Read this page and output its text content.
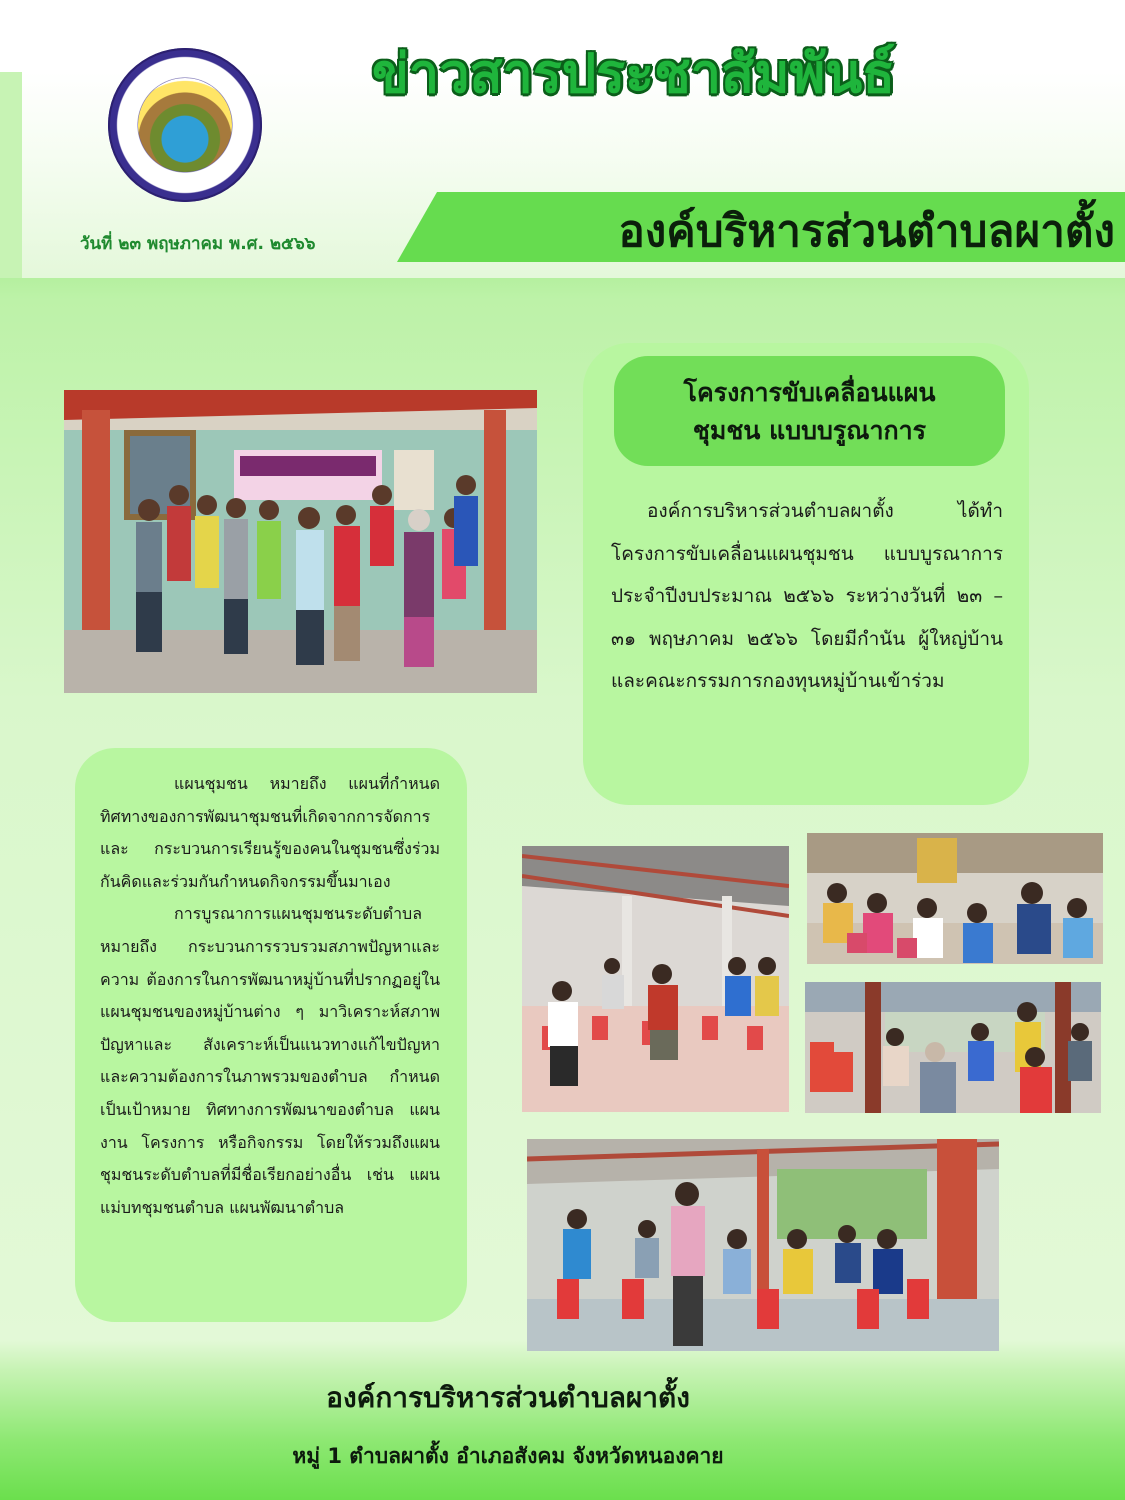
ข่าวสารประชาสัมพันธ์
วันที่ ๒๓ พฤษภาคม พ.ศ. ๒๕๖๖	องค์บริหารส่วนตำบลผาตั้ง
โครงการขับเคลื่อนแผน
ชุมชน แบบบรูณาการ
องค์การบริหารส่วนตำบลผาตั้ง ได้ทำโครงการขับเคลื่อนแผนชุมชน แบบบูรณาการ ประจำปีงบประมาณ ๒๕๖๖ ระหว่างวันที่ ๒๓ – ๓๑ พฤษภาคม ๒๕๖๖ โดยมีกำนัน ผู้ใหญ่บ้าน และคณะกรรมการกองทุนหมู่บ้านเข้าร่วม

แผนชุมชน หมายถึง แผนที่กำหนดทิศทางของการพัฒนาชุมชนที่เกิดจากการจัดการและ กระบวนการเรียนรู้ของคนในชุมชนซึ่งร่วมกันคิดและร่วมกันกำหนดกิจกรรมขึ้นมาเอง

การบูรณาการแผนชุมชนระดับตำบล หมายถึง กระบวนการรวบรวมสภาพปัญหาและความ ต้องการในการพัฒนาหมู่บ้านที่ปรากฏอยู่ในแผนชุมชนของหมู่บ้านต่าง ๆ มาวิเคราะห์สภาพปัญหาและ สังเคราะห์เป็นแนวทางแก้ไขปัญหาและความต้องการในภาพรวมของตำบล กำหนดเป็นเป้าหมาย ทิศทางการพัฒนาของตำบล แผนงาน โครงการ หรือกิจกรรม โดยให้รวมถึงแผนชุมชนระดับตำบลที่มีชื่อเรียกอย่างอื่น เช่น แผนแม่บทชุมชนตำบล แผนพัฒนาตำบล

องค์การบริหารส่วนตำบลผาตั้ง
หมู่ 1 ตำบลผาตั้ง อำเภอสังคม จังหวัดหนองคาย
